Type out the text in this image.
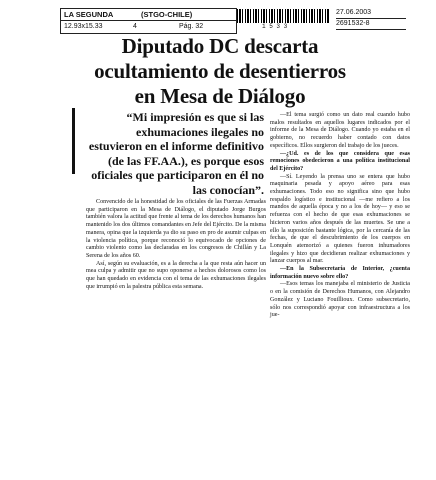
LA SEGUNDA	(STGO-CHILE)
12.93x15.33	4	Pág. 32	1 5 3 3
27.06.2003
2691532-8
Diputado DC descarta
ocultamiento de desentierros
en Mesa de Diálogo
“Mi impresión es que si las exhumaciones ilegales no estuvieron en el informe definitivo (de las FF.AA.), es porque esos oficiales que participaron en él no las conocían”.

Convencido de la honestidad de los oficiales de las Fuerzas Armadas que participaron en la Mesa de Diálogo, el diputado Jorge Burgos también valora la actitud que frente al tema de los derechos humanos han mantenido los dos últimos comandantes en Jefe del Ejército. De la misma manera, opina que la izquierda ya dio su paso en pro de asumir culpas en la violencia política, porque reconoció lo equivocado de opciones de cambio violento como las declaradas en los congresos de Chillán y La Serena de los años 60.

Así, según su evaluación, es a la derecha a la que resta aún hacer un mea culpa y admitir que no supo oponerse a hechos dolorosos como los que han quedado en evidencia con el tema de las exhumaciones ilegales que irrumpió en la palestra pública esta semana.

—El tema surgió como un dato real cuando hubo malos resultados en aquellos lugares indicados por el informe de la Mesa de Diálogo. Cuando yo estaba en el gobierno, no recuerdo haber contado con datos específicos. Ellos surgieron del trabajo de los jueces.

—¿Ud. es de los que considera que esas remociones obedecieron a una política institucional del Ejército?

—Sí. Leyendo la prensa uno se entera que hubo maquinaria pesada y apoyo aéreo para esas exhumaciones. Todo eso no significa sino que hubo respaldo logístico e institucional —me refiero a los mandos de aquella época y no a los de hoy— y eso se refuerza con el hecho de que esas exhumaciones se hicieron varios años después de las muertes. Se une a ello la suposición bastante lógica, por la cercanía de las fechas, de que el descubrimiento de los cuerpos en Lonquén atemorizó a quienes fueron inhumadores ilegales y hizo que decidieran realizar exhumaciones y lanzar cuerpos al mar.

—En la Subsecretaría de Interior, ¿cuenta información nuevo sobre ello?

—Esos temas los manejaba el ministerio de Justicia o en la comisión de Derechos Humanos, con Alejandro González y Luciano Fouillioux. Como subsecretario, sólo nos correspondió apoyar con infraestructura a los jue-
